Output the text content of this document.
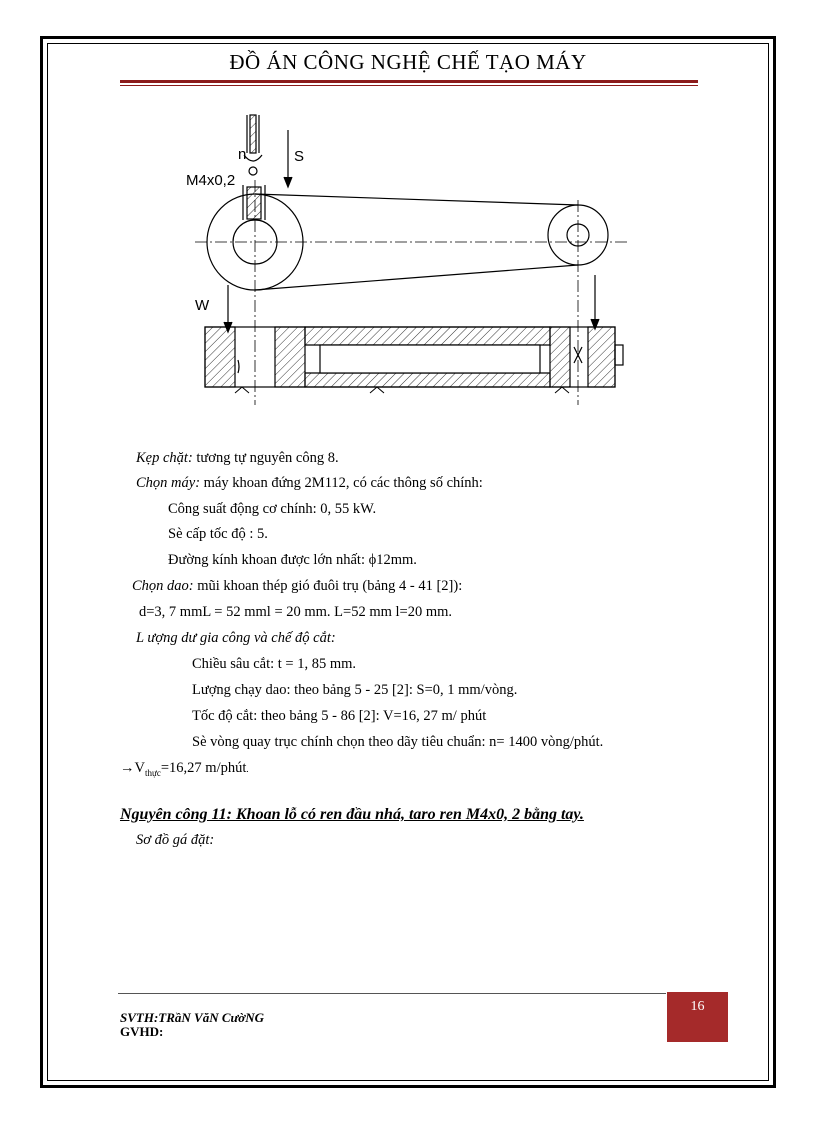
ĐỒ ÁN CÔNG NGHỆ CHẾ TẠO MÁY
n	S
M4x0,2
W
Kẹp chặt: tương tự nguyên công 8.
Chọn máy: máy khoan đứng 2M112, có các thông số chính:
Công suất động cơ chính: 0, 55 kW.
Sè cấp tốc độ : 5.
Đường kính khoan được lớn nhất: ϕ12mm.
Chọn dao: mũi khoan thép gió đuôi trụ (bảng 4 - 41 [2]):
d=3, 7 mmL = 52 mml = 20 mm. L=52 mm l=20 mm.
L ượng dư gia công và chế độ cắt:
Chiều sâu cắt: t = 1, 85 mm.
Lượng chạy dao: theo bảng 5 - 25 [2]: S=0, 1 mm/vòng.
Tốc độ cắt: theo bảng 5 - 86 [2]: V=16, 27 m/ phút
Sè vòng quay trục chính chọn theo dãy tiêu chuẩn: n= 1400 vòng/phút.
$\to V_{thực}=16,27$ m/phút.
Nguyên công 11: Khoan lỗ có ren đầu nhá, taro ren M4x0, 2 bằng tay.
Sơ đồ gá đặt:
16
SVTH:TRầN VăN CườNG
GVHD:
